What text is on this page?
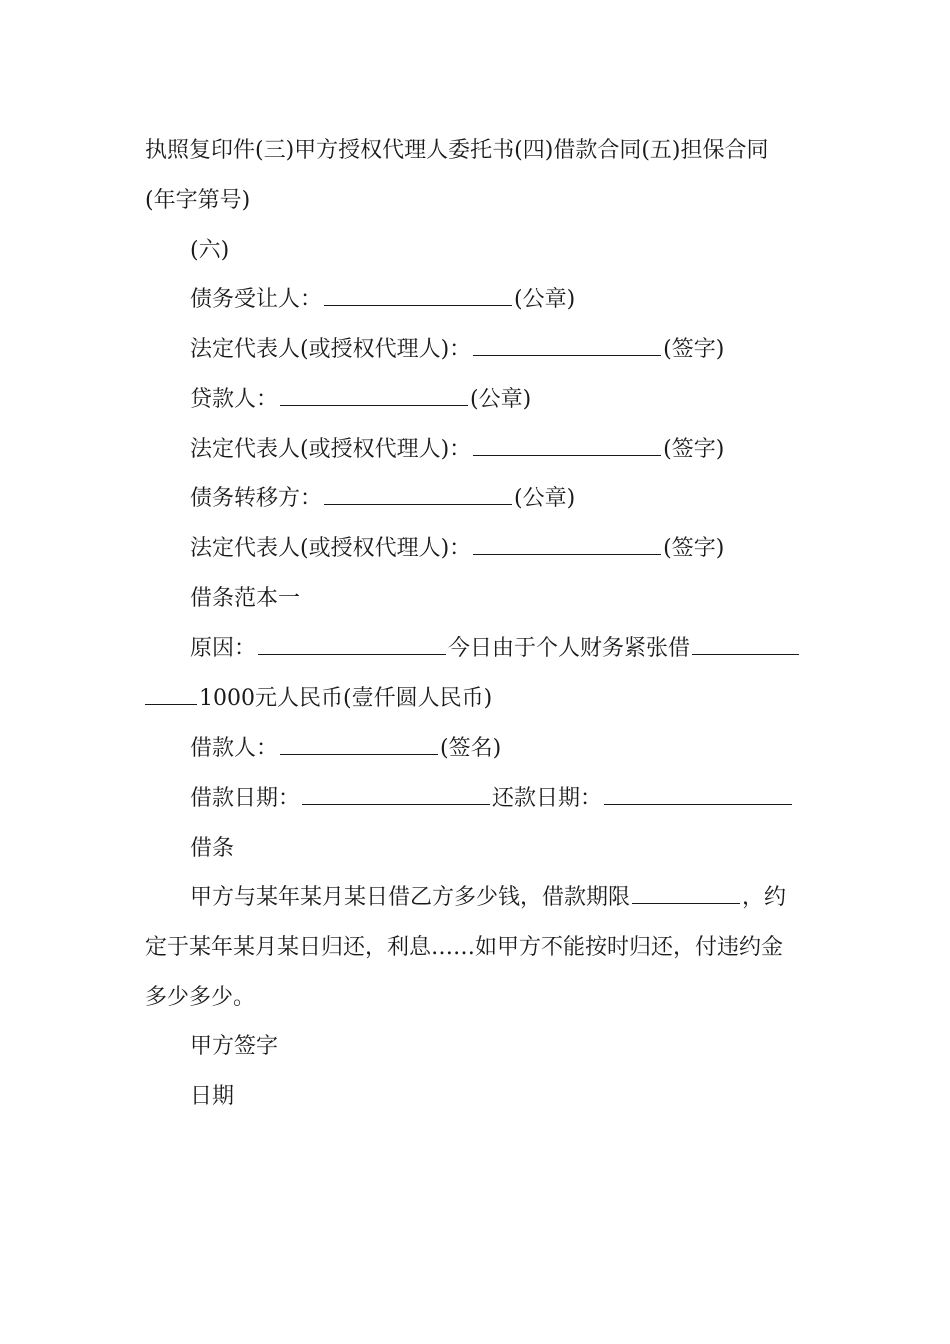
执照复印件(三)甲方授权代理人委托书(四)借款合同(五)担保合同
(年字第号)
(六)
债务受让人：	(公章)
法定代表人(或授权代理人)：	(签字)
贷款人：	(公章)
法定代表人(或授权代理人)：	(签字)
债务转移方：	(公章)
法定代表人(或授权代理人)：	(签字)
借条范本一
原因：	今日由于个人财务紧张借
1000元人民币(壹仟圆人民币)
借款人：	(签名)
借款日期：	还款日期：
借条
甲方与某年某月某日借乙方多少钱，借款期限	，约
定于某年某月某日归还，利息……如甲方不能按时归还，付违约金
多少多少。
甲方签字
日期
